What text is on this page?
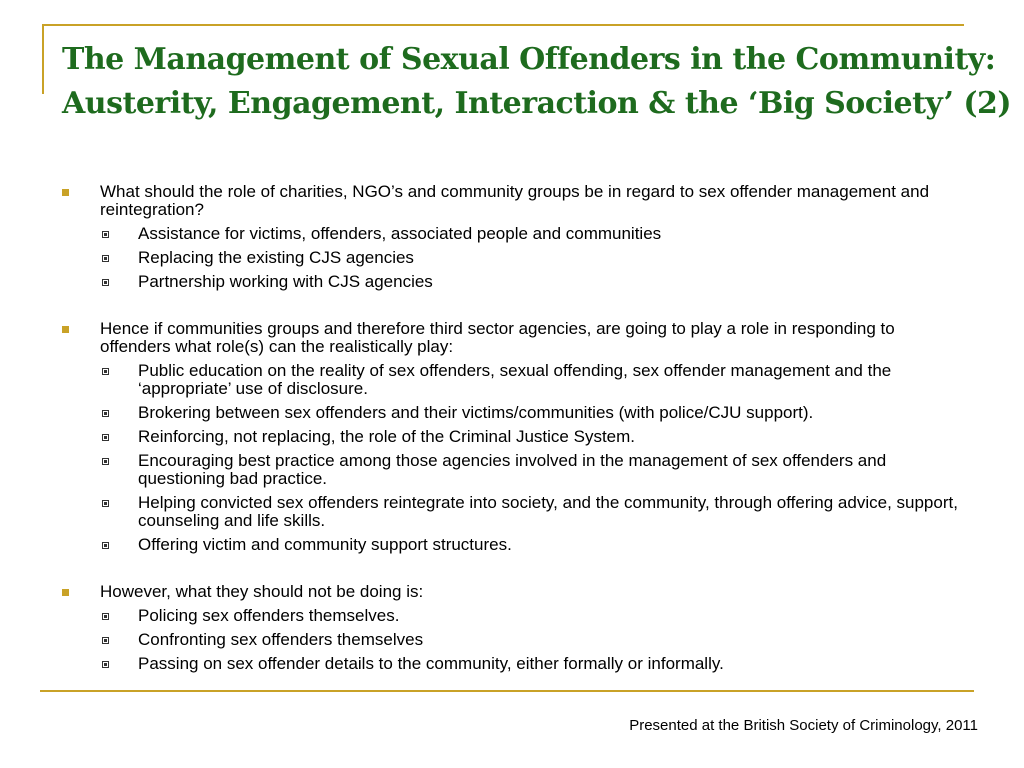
The Management of Sexual Offenders in the Community:
Austerity, Engagement, Interaction & the ‘Big Society’ (2)
What should the role of charities, NGO’s and community groups be in regard to sex offender management and reintegration?
Assistance for victims, offenders, associated people and communities
Replacing the existing CJS agencies
Partnership working with CJS agencies
Hence if communities groups and therefore third sector agencies, are going to play a role in responding to offenders what role(s) can the realistically play:
Public education on the reality of sex offenders, sexual offending, sex offender management and the ‘appropriate’ use of disclosure.
Brokering between sex offenders and their victims/communities (with police/CJU support).
Reinforcing, not replacing, the role of the Criminal Justice System.
Encouraging best practice among those agencies involved in the management of sex offenders and questioning bad practice.
Helping convicted sex offenders reintegrate into society, and the community, through offering advice, support, counseling and life skills.
Offering victim and community support structures.
However, what they should not be doing is:
Policing sex offenders themselves.
Confronting sex offenders themselves
Passing on sex offender details to the community, either formally or informally.
Presented at the British Society of Criminology, 2011
